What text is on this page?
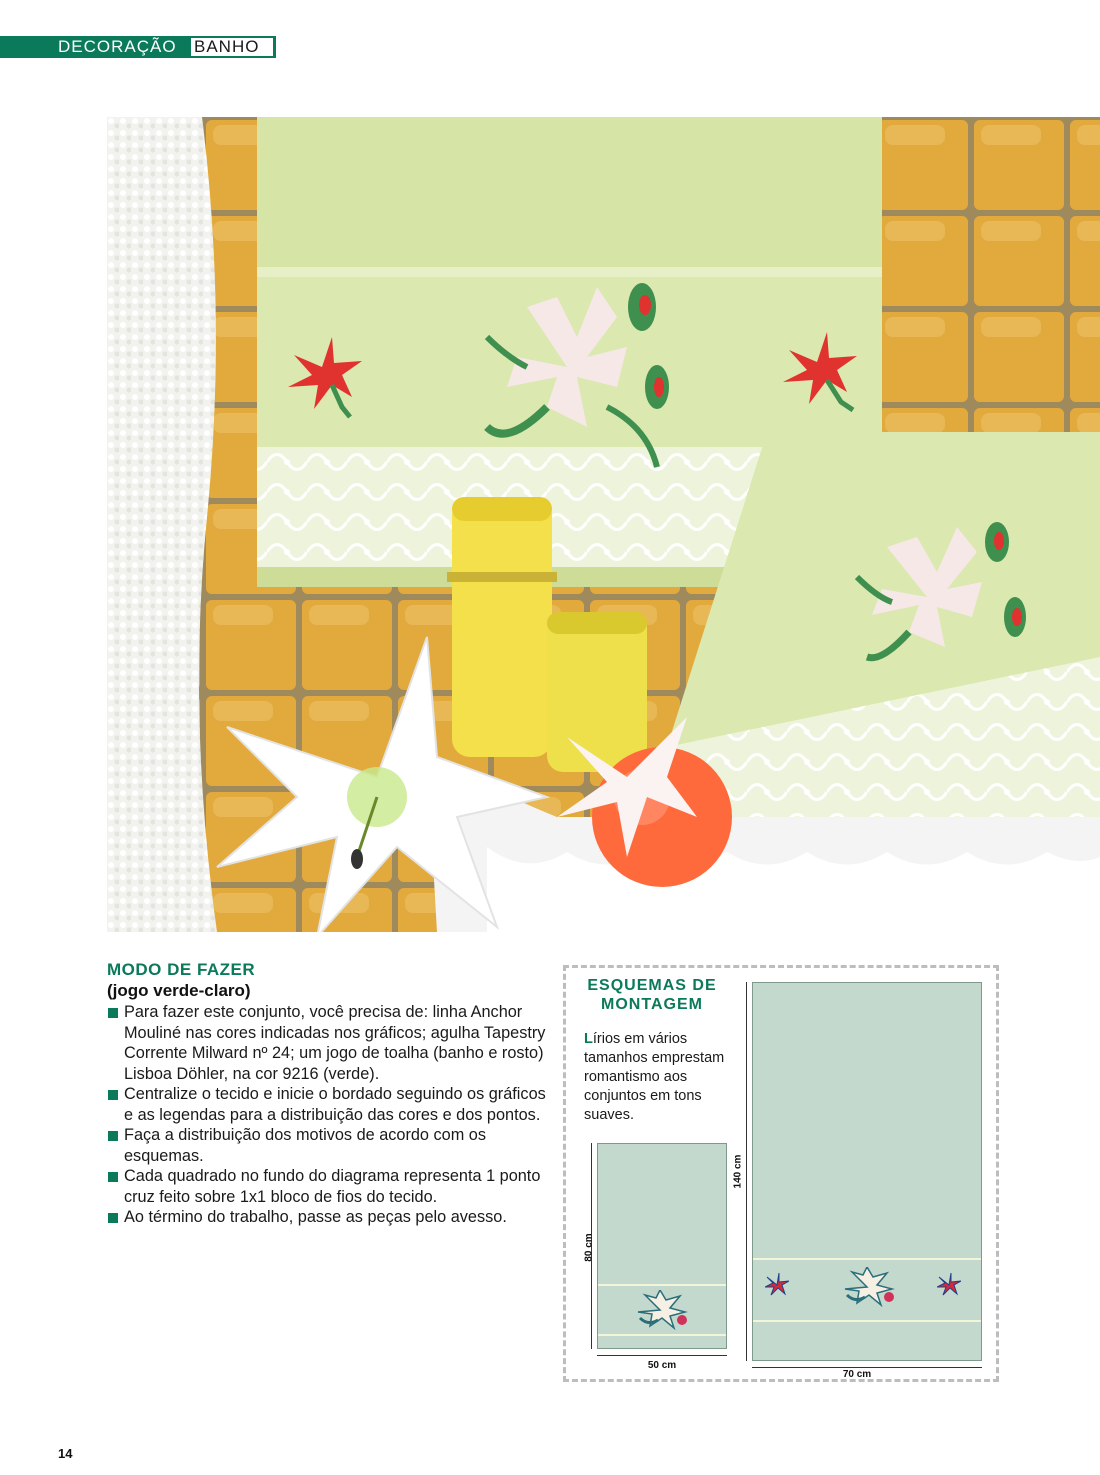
DECORAÇÃO BANHO
MODO DE FAZER
(jogo verde-claro)
Para fazer este conjunto, você precisa de: linha Anchor Mouliné nas cores indicadas nos gráficos; agulha Tapestry Corrente Milward nº 24; um jogo de toalha (banho e rosto) Lisboa Döhler, na cor 9216 (verde).
Centralize o tecido e inicie o bordado seguindo os gráficos e as legendas para a distribuição das cores e dos pontos.
Faça a distribuição dos motivos de acordo com os esquemas.
Cada quadrado no fundo do diagrama representa 1 ponto cruz feito sobre 1x1 bloco de fios do tecido.
Ao término do trabalho, passe as peças pelo avesso.
ESQUEMAS DE
MONTAGEM
Lírios em vários tamanhos emprestam romantismo aos conjuntos em tons suaves.
80 cm
50 cm
140 cm
70 cm
14
